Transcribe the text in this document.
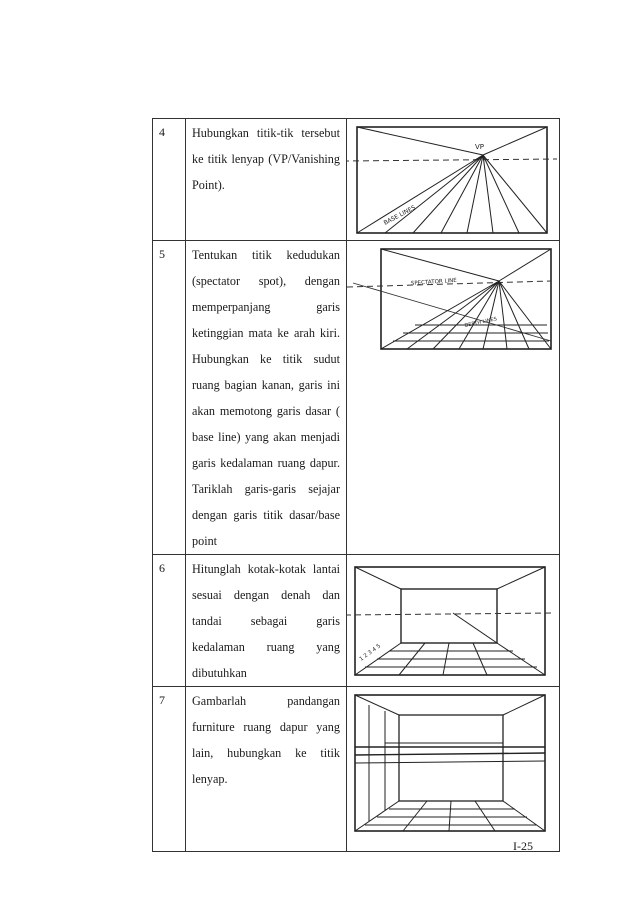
4	Hubungkan titik-tik tersebut ke titik lenyap (VP/Vanishing Point).	VP
BASE LINES

5	Tentukan titik kedudukan (spectator spot), dengan memperpanjang garis ketinggian mata ke arah kiri. Hubungkan ke titik sudut ruang bagian kanan, garis ini akan memotong garis dasar ( base line) yang akan menjadi garis kedalaman ruang dapur. Tariklah garis-garis sejajar dengan garis titik dasar/base point	SPECTATOR LINE
DEPTH LINES

6	Hitunglah kotak-kotak lantai sesuai dengan denah dan tandai sebagai garis kedalaman ruang yang dibutuhkan	1 2 3 4 5

7	Gambarlah pandangan furniture ruang dapur yang lain, hubungkan ke titik lenyap.	
I-25
